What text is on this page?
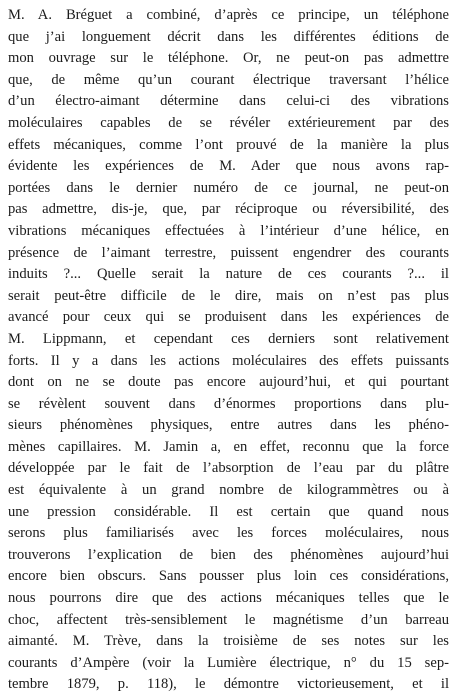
M. A. Bréguet a combiné, d’après ce principe, un téléphone
que j’ai longuement décrit dans les différentes éditions de
mon ouvrage sur le téléphone. Or, ne peut-on pas admettre
que, de même qu’un courant électrique traversant l’hélice
d’un électro-aimant détermine dans celui-ci des vibrations
moléculaires capables de se révéler extérieurement par des
effets mécaniques, comme l’ont prouvé de la manière la plus
évidente les expériences de M. Ader que nous avons rap-
portées dans le dernier numéro de ce journal, ne peut-on
pas admettre, dis-je, que, par réciproque ou réversibilité, des
vibrations mécaniques effectuées à l’intérieur d’une hélice, en
présence de l’aimant terrestre, puissent engendrer des courants
induits ?... Quelle serait la nature de ces courants ?... il
serait peut-être difficile de le dire, mais on n’est pas plus
avancé pour ceux qui se produisent dans les expériences de
M. Lippmann, et cependant ces derniers sont relativement
forts. Il y a dans les actions moléculaires des effets puissants
dont on ne se doute pas encore aujourd’hui, et qui pourtant
se révèlent souvent dans d’énormes proportions dans plu-
sieurs phénomènes physiques, entre autres dans les phéno-
mènes capillaires. M. Jamin a, en effet, reconnu que la force
développée par le fait de l’absorption de l’eau par du plâtre
est équivalente à un grand nombre de kilogrammètres ou à
une pression considérable. Il est certain que quand nous
serons plus familiarisés avec les forces moléculaires, nous
trouverons l’explication de bien des phénomènes aujourd’hui
encore bien obscurs. Sans pousser plus loin ces considérations,
nous pourrons dire que des actions mécaniques telles que le
choc, affectent très-sensiblement le magnétisme d’un barreau
aimanté. M. Trève, dans la troisième de ses notes sur les
courants d’Ampère (voir la Lumière électrique, n° du 15 sep-
tembre 1879, p. 118), le démontre victorieusement, et il
